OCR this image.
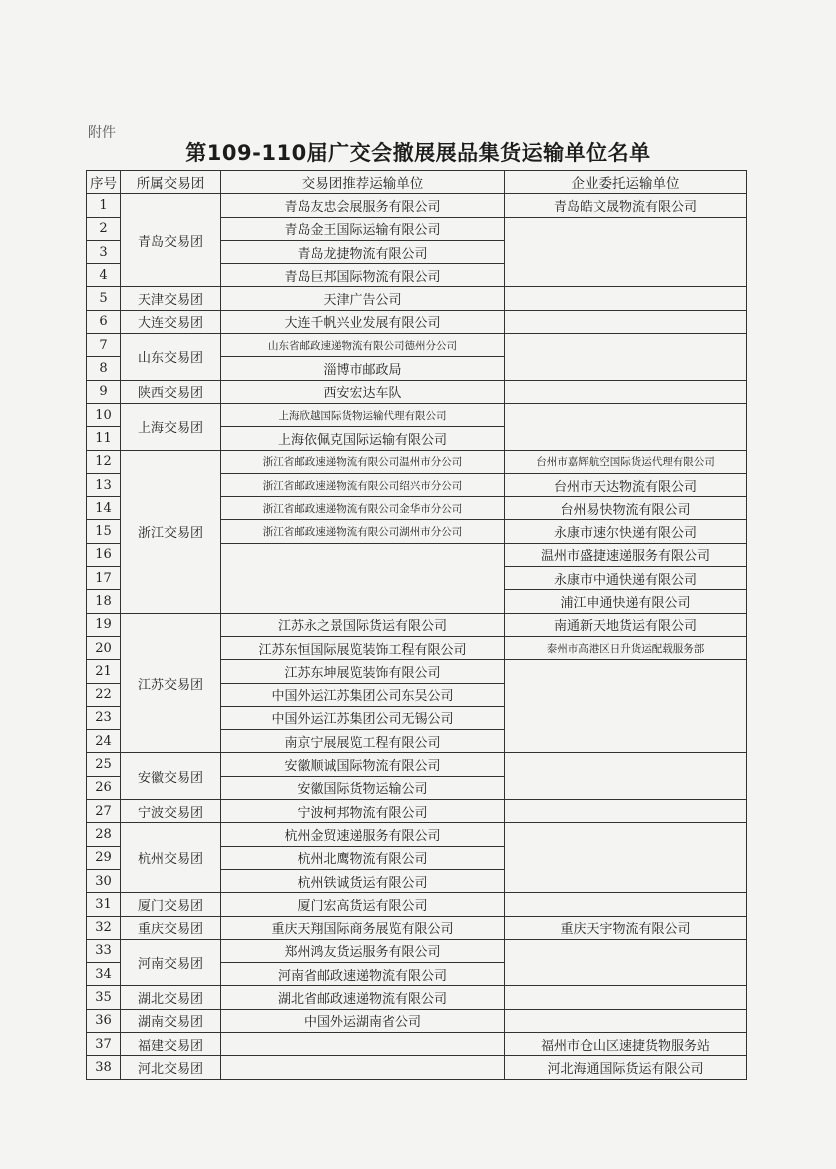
附件
第109-110届广交会撤展展品集货运输单位名单
序号	所属交易团	交易团推荐运输单位	企业委托运输单位
1	青岛交易团	青岛友忠会展服务有限公司	青岛皓文晟物流有限公司
2		青岛金王国际运输有限公司	
3		青岛龙捷物流有限公司	
4		青岛巨邦国际物流有限公司	
5	天津交易团	天津广告公司	
6	大连交易团	大连千帆兴业发展有限公司	
7	山东交易团	山东省邮政速递物流有限公司德州分公司	
8		淄博市邮政局	
9	陕西交易团	西安宏达车队	
10	上海交易团	上海欣越国际货物运输代理有限公司	
11		上海依佩克国际运输有限公司	
12	浙江交易团	浙江省邮政速递物流有限公司温州市分公司	台州市嘉辉航空国际货运代理有限公司
13		浙江省邮政速递物流有限公司绍兴市分公司	台州市天达物流有限公司
14		浙江省邮政速递物流有限公司金华市分公司	台州易快物流有限公司
15		浙江省邮政速递物流有限公司湖州市分公司	永康市速尔快递有限公司
16			温州市盛捷速递服务有限公司
17			永康市中通快递有限公司
18			浦江申通快递有限公司
19	江苏交易团	江苏永之景国际货运有限公司	南通新天地货运有限公司
20		江苏东恒国际展览装饰工程有限公司	泰州市高港区日升货运配载服务部
21		江苏东坤展览装饰有限公司	
22		中国外运江苏集团公司东吴公司	
23		中国外运江苏集团公司无锡公司	
24		南京宁展展览工程有限公司	
25	安徽交易团	安徽顺诚国际物流有限公司	
26		安徽国际货物运输公司	
27	宁波交易团	宁波柯邦物流有限公司	
28	杭州交易团	杭州金贸速递服务有限公司	
29		杭州北鹰物流有限公司	
30		杭州铁诚货运有限公司	
31	厦门交易团	厦门宏高货运有限公司	
32	重庆交易团	重庆天翔国际商务展览有限公司	重庆天宇物流有限公司
33	河南交易团	郑州鸿友货运服务有限公司	
34		河南省邮政速递物流有限公司	
35	湖北交易团	湖北省邮政速递物流有限公司	
36	湖南交易团	中国外运湖南省公司	
37	福建交易团		福州市仓山区速捷货物服务站
38	河北交易团		河北海通国际货运有限公司
